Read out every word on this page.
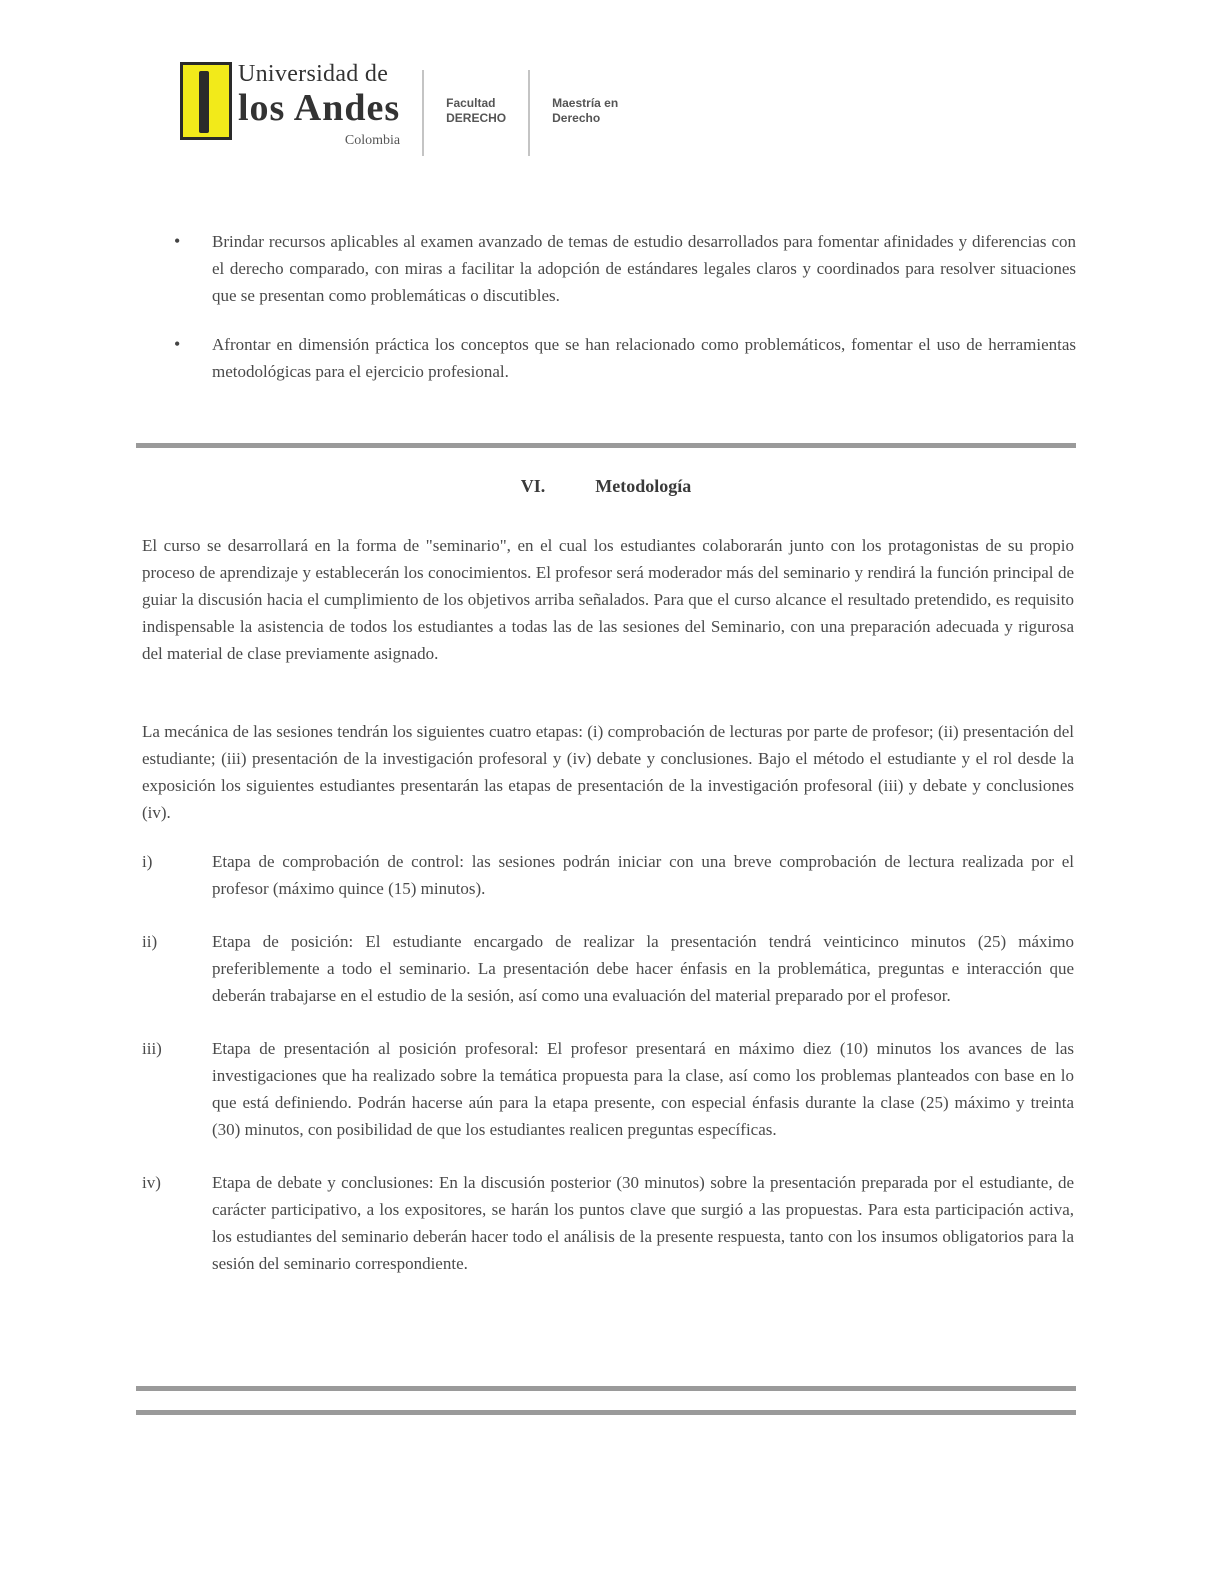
Universidad de
los Andes
Colombia
Facultad
DERECHO
Maestría en
Derecho
•	Brindar recursos aplicables al examen avanzado de temas de estudio desarrollados para fomentar afinidades y diferencias con el derecho comparado, con miras a facilitar la adopción de estándares legales claros y coordinados para resolver situaciones que se presentan como problemáticas o discutibles.
•	Afrontar en dimensión práctica los conceptos que se han relacionado como problemáticos, fomentar el uso de herramientas metodológicas para el ejercicio profesional.
VI.	Metodología
El curso se desarrollará en la forma de "seminario", en el cual los estudiantes colaborarán junto con los protagonistas de su propio proceso de aprendizaje y establecerán los conocimientos. El profesor será moderador más del seminario y rendirá la función principal de guiar la discusión hacia el cumplimiento de los objetivos arriba señalados. Para que el curso alcance el resultado pretendido, es requisito indispensable la asistencia de todos los estudiantes a todas las de las sesiones del Seminario, con una preparación adecuada y rigurosa del material de clase previamente asignado.
La mecánica de las sesiones tendrán los siguientes cuatro etapas: (i) comprobación de lecturas por parte de profesor; (ii) presentación del estudiante; (iii) presentación de la investigación profesoral y (iv) debate y conclusiones. Bajo el método el estudiante y el rol desde la exposición los siguientes estudiantes presentarán las etapas de presentación de la investigación profesoral (iii) y debate y conclusiones (iv).
i)	Etapa de comprobación de control: las sesiones podrán iniciar con una breve comprobación de lectura realizada por el profesor (máximo quince (15) minutos).
ii)	Etapa de posición: El estudiante encargado de realizar la presentación tendrá veinticinco minutos (25) máximo preferiblemente a todo el seminario. La presentación debe hacer énfasis en la problemática, preguntas e interacción que deberán trabajarse en el estudio de la sesión, así como una evaluación del material preparado por el profesor.
iii)	Etapa de presentación al posición profesoral: El profesor presentará en máximo diez (10) minutos los avances de las investigaciones que ha realizado sobre la temática propuesta para la clase, así como los problemas planteados con base en lo que está definiendo. Podrán hacerse aún para la etapa presente, con especial énfasis durante la clase (25) máximo y treinta (30) minutos, con posibilidad de que los estudiantes realicen preguntas específicas.
iv)	Etapa de debate y conclusiones: En la discusión posterior (30 minutos) sobre la presentación preparada por el estudiante, de carácter participativo, a los expositores, se harán los puntos clave que surgió a las propuestas. Para esta participación activa, los estudiantes del seminario deberán hacer todo el análisis de la presente respuesta, tanto con los insumos obligatorios para la sesión del seminario correspondiente.
